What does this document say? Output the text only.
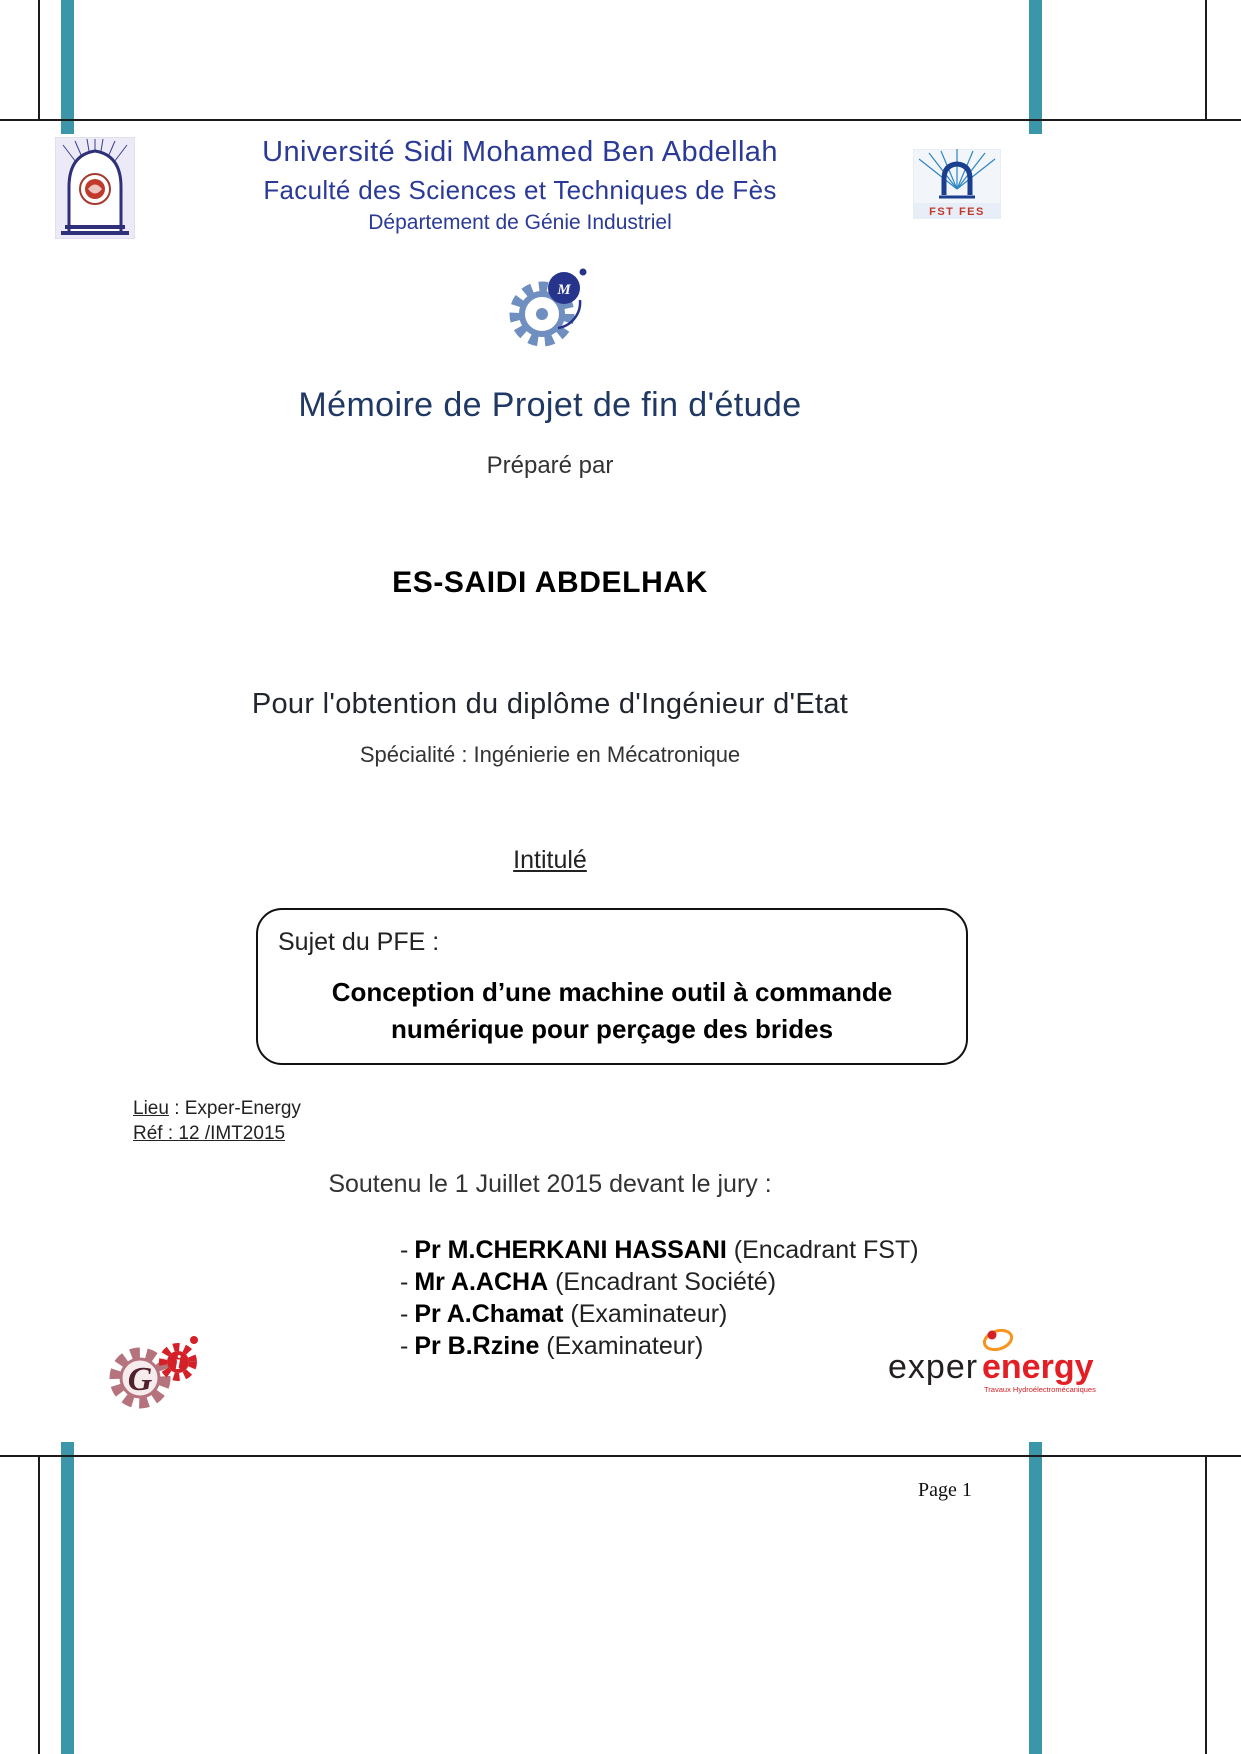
Université Sidi Mohamed Ben Abdellah
Faculté des Sciences et Techniques de Fès
Département de Génie Industriel	FST FES
M
Mémoire de Projet de fin d'étude
Préparé par
ES-SAIDI ABDELHAK
Pour l'obtention du diplôme d'Ingénieur d'Etat
Spécialité : Ingénierie en Mécatronique
Intitulé
Sujet du PFE :
Conception d’une machine outil à commande
numérique pour perçage des brides
Lieu : Exper-Energy
Réf : 12 /IMT2015
Soutenu le 1 Juillet 2015 devant le jury :
- Pr M.CHERKANI HASSANI (Encadrant FST)
- Mr A.ACHA (Encadrant Société)
- Pr A.Chamat (Examinateur)
- Pr B.Rzine (Examinateur)
G i	exper energy
Travaux Hydroélectromécaniques
Page 1
